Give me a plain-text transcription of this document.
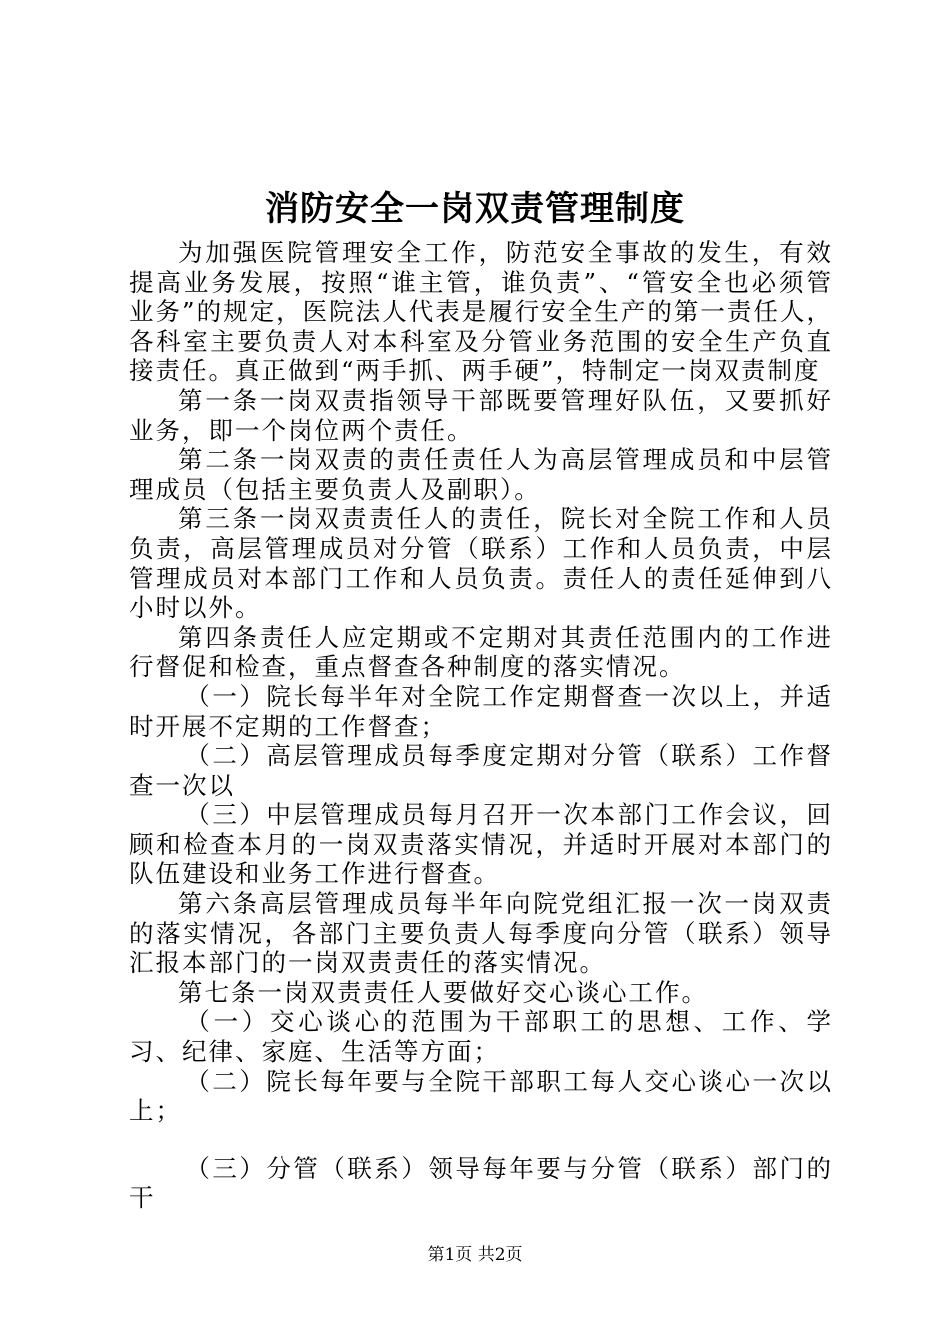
消防安全一岗双责管理制度

为加强医院管理安全工作，防范安全事故的发生，有效提高业务发展，按照“谁主管，谁负责”、“管安全也必须管业务”的规定，医院法人代表是履行安全生产的第一责任人，各科室主要负责人对本科室及分管业务范围的安全生产负直接责任。真正做到“两手抓、两手硬”，特制定一岗双责制度

第一条一岗双责指领导干部既要管理好队伍，又要抓好业务，即一个岗位两个责任。

第二条一岗双责的责任责任人为高层管理成员和中层管理成员（包括主要负责人及副职）。

第三条一岗双责责任人的责任，院长对全院工作和人员负责，高层管理成员对分管（联系）工作和人员负责，中层管理成员对本部门工作和人员负责。责任人的责任延伸到八小时以外。

第四条责任人应定期或不定期对其责任范围内的工作进行督促和检查，重点督查各种制度的落实情况。

（一）院长每半年对全院工作定期督查一次以上，并适时开展不定期的工作督查；

（二）高层管理成员每季度定期对分管（联系）工作督查一次以

（三）中层管理成员每月召开一次本部门工作会议，回顾和检查本月的一岗双责落实情况，并适时开展对本部门的队伍建设和业务工作进行督查。

第六条高层管理成员每半年向院党组汇报一次一岗双责的落实情况，各部门主要负责人每季度向分管（联系）领导汇报本部门的一岗双责责任的落实情况。

第七条一岗双责责任人要做好交心谈心工作。

（一）交心谈心的范围为干部职工的思想、工作、学习、纪律、家庭、生活等方面；

（二）院长每年要与全院干部职工每人交心谈心一次以上；

（三）分管（联系）领导每年要与分管（联系）部门的干

第1页 共2页
